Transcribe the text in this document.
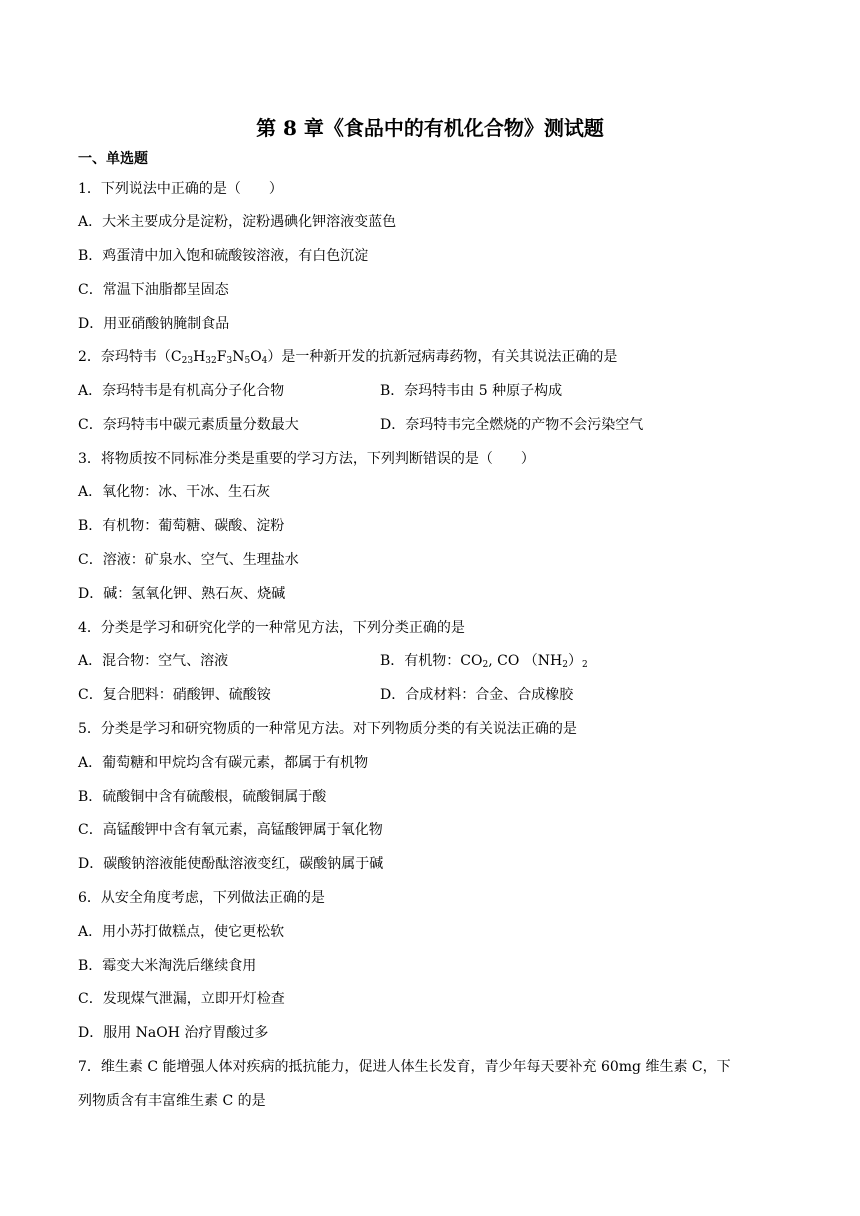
第 8 章《食品中的有机化合物》测试题
一、单选题
1．下列说法中正确的是（　　）
A．大米主要成分是淀粉，淀粉遇碘化钾溶液变蓝色
B．鸡蛋清中加入饱和硫酸铵溶液，有白色沉淀
C．常温下油脂都呈固态
D．用亚硝酸钠腌制食品
2．奈玛特韦$(C_{23}H_{32}F_3N_5O_4)$是一种新开发的抗新冠病毒药物，有关其说法正确的是
A．奈玛特韦是有机高分子化合物	B．奈玛特韦由 5 种原子构成
C．奈玛特韦中碳元素质量分数最大	D．奈玛特韦完全燃烧的产物不会污染空气
3．将物质按不同标准分类是重要的学习方法，下列判断错误的是（　　）
A．氧化物：冰、干冰、生石灰
B．有机物：葡萄糖、碳酸、淀粉
C．溶液：矿泉水、空气、生理盐水
D．碱：氢氧化钾、熟石灰、烧碱
4．分类是学习和研究化学的一种常见方法，下列分类正确的是
A．混合物：空气、溶液	B．有机物：$CO_2$, CO $(NH_2)_2$
C．复合肥料：硝酸钾、硫酸铵	D．合成材料：合金、合成橡胶
5．分类是学习和研究物质的一种常见方法。对下列物质分类的有关说法正确的是
A．葡萄糖和甲烷均含有碳元素，都属于有机物
B．硫酸铜中含有硫酸根，硫酸铜属于酸
C．高锰酸钾中含有氧元素，高锰酸钾属于氧化物
D．碳酸钠溶液能使酚酞溶液变红，碳酸钠属于碱
6．从安全角度考虑，下列做法正确的是
A．用小苏打做糕点，使它更松软
B．霉变大米淘洗后继续食用
C．发现煤气泄漏，立即开灯检查
D．服用 NaOH 治疗胃酸过多
7．维生素 C 能增强人体对疾病的抵抗能力，促进人体生长发育，青少年每天要补充 60mg 维生素 C，下
列物质含有丰富维生素 C 的是
